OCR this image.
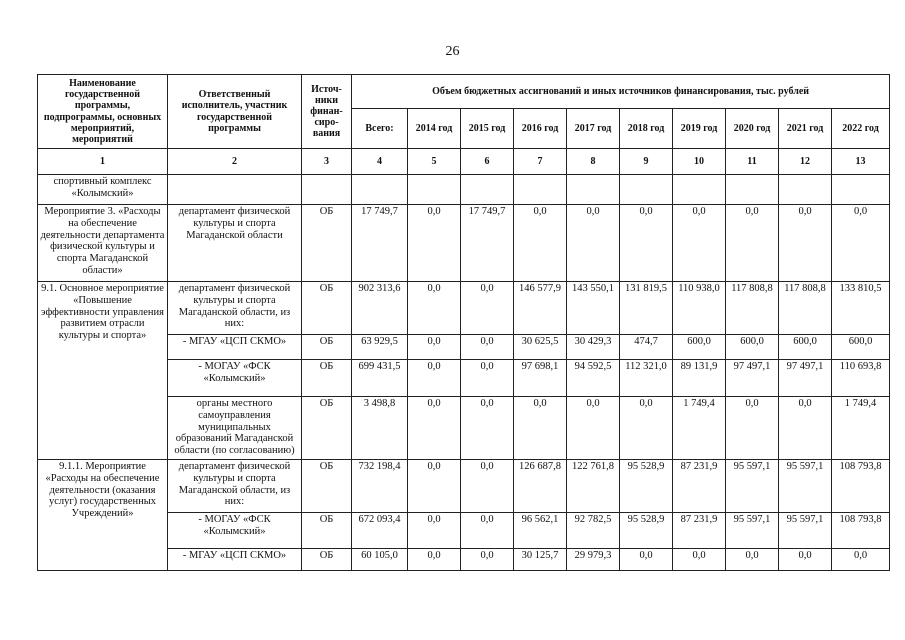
26
Наименование государственной программы, подпрограммы, основных мероприятий, мероприятий	Ответственный исполнитель, участник государственной программы	Источ-ники финан-сиро-вания	Объем бюджетных ассигнований и иных источников финансирования, тыс. рублей									
			Всего:	2014 год	2015 год	2016 год	2017 год	2018 год	2019 год	2020 год	2021 год	2022 год
1	2	3	4	5	6	7	8	9	10	11	12	13
спортивный комплекс «Колымский»												
Мероприятие 3. «Расходы на обеспечение деятельности департамента физической культуры и спорта Магаданской области»	департамент физической культуры и спорта Магаданской области	ОБ	17 749,7	0,0	17 749,7	0,0	0,0	0,0	0,0	0,0	0,0	0,0
9.1. Основное мероприятие «Повышение эффективности управления развитием отрасли культуры и спорта»	департамент физической культуры и спорта Магаданской области, из них:	ОБ	902 313,6	0,0	0,0	146 577,9	143 550,1	131 819,5	110 938,0	117 808,8	117 808,8	133 810,5
	- МГАУ «ЦСП СКМО»	ОБ	63 929,5	0,0	0,0	30 625,5	30 429,3	474,7	600,0	600,0	600,0	600,0
	- МОГАУ «ФСК «Колымский»	ОБ	699 431,5	0,0	0,0	97 698,1	94 592,5	112 321,0	89 131,9	97 497,1	97 497,1	110 693,8
	органы местного самоуправления муниципальных образований Магаданской области (по согласованию)	ОБ	3 498,8	0,0	0,0	0,0	0,0	0,0	1 749,4	0,0	0,0	1 749,4
9.1.1. Мероприятие «Расходы на обеспечение деятельности (оказания услуг) государственных Учреждений»	департамент физической культуры и спорта Магаданской области, из них:	ОБ	732 198,4	0,0	0,0	126 687,8	122 761,8	95 528,9	87 231,9	95 597,1	95 597,1	108 793,8
	- МОГАУ «ФСК «Колымский»	ОБ	672 093,4	0,0	0,0	96 562,1	92 782,5	95 528,9	87 231,9	95 597,1	95 597,1	108 793,8
	- МГАУ «ЦСП СКМО»	ОБ	60 105,0	0,0	0,0	30 125,7	29 979,3	0,0	0,0	0,0	0,0	0,0
